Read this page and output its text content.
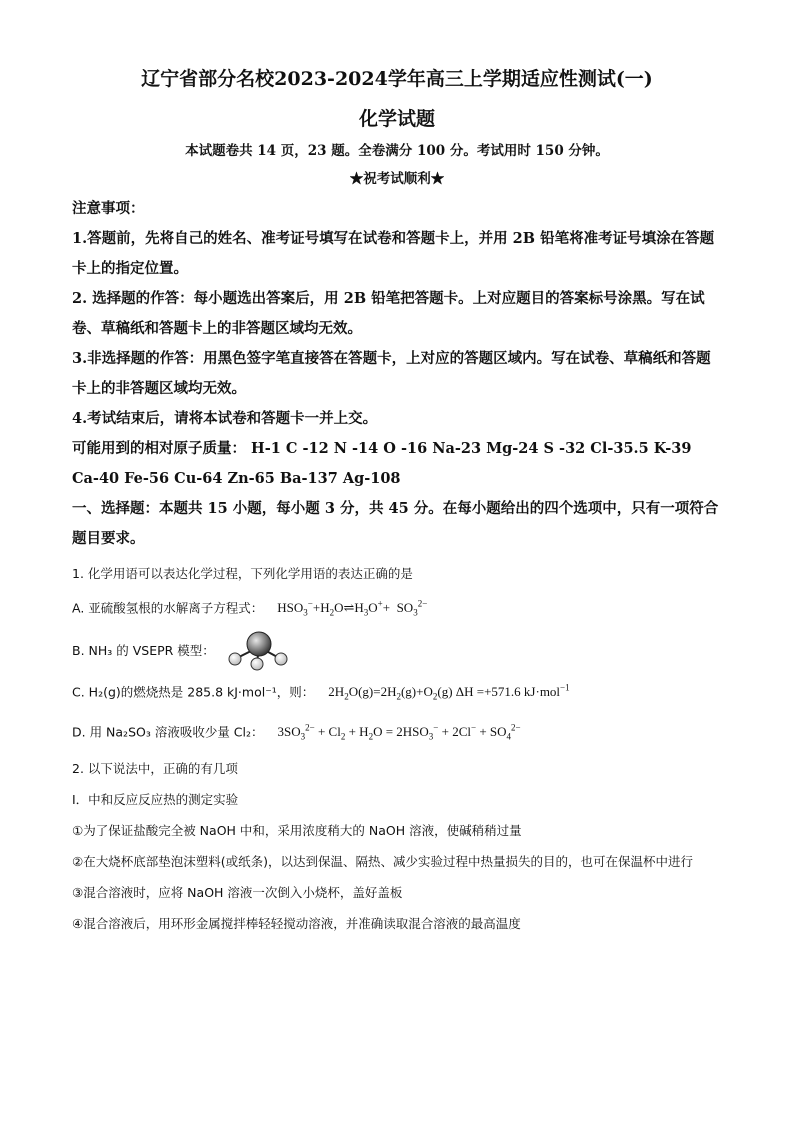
辽宁省部分名校2023-2024学年高三上学期适应性测试(一)
化学试题
本试题卷共 14 页，23 题。全卷满分 100 分。考试用时 150 分钟。
★祝考试顺利★

注意事项：

1.答题前，先将自己的姓名、准考证号填写在试卷和答题卡上，并用 2B 铅笔将准考证号填涂在答题卡上的指定位置。

2. 选择题的作答：每小题选出答案后，用 2B 铅笔把答题卡。上对应题目的答案标号涂黑。写在试卷、草稿纸和答题卡上的非答题区域均无效。

3.非选择题的作答：用黑色签字笔直接答在答题卡，上对应的答题区域内。写在试卷、草稿纸和答题卡上的非答题区域均无效。

4.考试结束后，请将本试卷和答题卡一并上交。

可能用到的相对原子质量： H-1 C -12 N -14 O -16 Na-23 Mg-24 S -32 Cl-35.5 K-39 Ca-40 Fe-56 Cu-64 Zn-65 Ba-137 Ag-108

一、选择题：本题共 15 小题，每小题 3 分，共 45 分。在每小题给出的四个选项中，只有一项符合题目要求。

1. 化学用语可以表达化学过程，下列化学用语的表达正确的是

A. 亚硫酸氢根的水解离子方程式： $HSO_3^-+H_2O\rightleftharpoons H_3O^++ SO_3^{2-}$

B. NH₃ 的 VSEPR 模型：

C. H₂(g)的燃烧热是 285.8 kJ·mol⁻¹，则： $2H_2O(g)=2H_2(g)+O_2(g)$ ΔH =+571.6 kJ·mol$^{-1}$

D. 用 Na₂SO₃ 溶液吸收少量 Cl₂： $3SO_3^{2-} + Cl_2 + H_2O = 2HSO_3^- + 2Cl^- + SO_4^{2-}$

2. 以下说法中，正确的有几项

Ⅰ．中和反应反应热的测定实验

①为了保证盐酸完全被 NaOH 中和，采用浓度稍大的 NaOH 溶液，使碱稍稍过量

②在大烧杯底部垫泡沫塑料(或纸条)，以达到保温、隔热、减少实验过程中热量损失的目的，也可在保温杯中进行

③混合溶液时，应将 NaOH 溶液一次倒入小烧杯，盖好盖板

④混合溶液后，用环形金属搅拌棒轻轻搅动溶液，并准确读取混合溶液的最高温度
